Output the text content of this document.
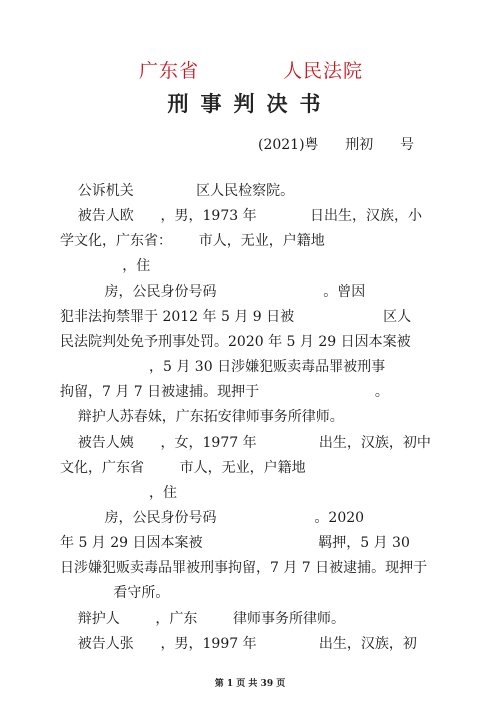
广东省	人民法院
刑事判决书
(2021)粤      刑初      号
公诉机关              区人民检察院。
被告人欧      ，男，1973 年            日出生，汉族，小
学文化，广东省：      市人，无业，户籍地
，住
房，公民身份号码                        。曾因
犯非法拘禁罪于 2012 年 5 月 9 日被                    区人
民法院判处免予刑事处罚。2020 年 5 月 29 日因本案被
，5 月 30 日涉嫌犯贩卖毒品罪被刑事
拘留，7 月 7 日被逮捕。现押于                          。
辩护人苏春妹，广东拓安律师事务所律师。
被告人姨      ，女，1977 年              出生，汉族，初中
文化，广东省        市人，无业，户籍地
，住
房，公民身份号码                      。2020
年 5 月 29 日因本案被                          羁押，5 月 30
日涉嫌犯贩卖毒品罪被刑事拘留，7 月 7 日被逮捕。现押于
看守所。
辩护人        ，广东        律师事务所律师。
被告人张      ，男，1997 年              出生，汉族，初
第 1 页 共 39 页
